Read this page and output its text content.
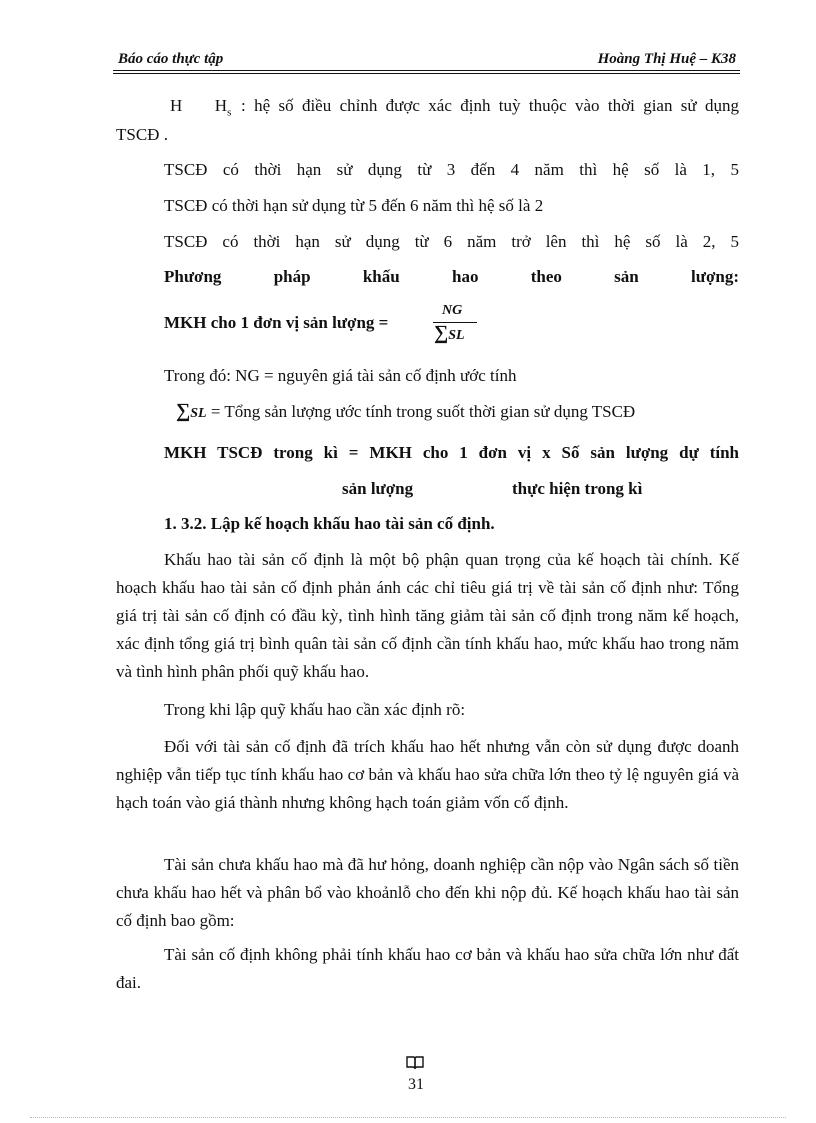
Báo cáo thực tập	Hoàng Thị Huệ – K38
H $H_s$ : hệ số điều chỉnh được xác định tuỳ thuộc vào thời gian sử dụng
TSCĐ .
TSCĐ có thời hạn sử dụng từ 3 đến 4 năm thì hệ số là 1, 5
TSCĐ có thời hạn sử dụng từ 5 đến 6 năm thì hệ số là 2
TSCĐ có thời hạn sử dụng từ 6 năm trở lên thì hệ số là 2, 5
Phương pháp khấu hao theo sản lượng:
MKH cho 1 đơn vị sản lượng =
NG
∑SL
Trong đó: NG = nguyên giá tài sản cố định ước tính
∑SL = Tổng sản lượng ước tính trong suốt thời gian sử dụng TSCĐ
MKH TSCĐ trong kì = MKH cho 1 đơn vị x Số sản lượng dự tính
sản lượng	thực hiện trong kì
1. 3.2. Lập kế hoạch khấu hao tài sản cố định.
Khấu hao tài sản cố định là một bộ phận quan trọng của kế hoạch tài chính. Kế hoạch khấu hao tài sản cố định phản ánh các chỉ tiêu giá trị về tài sản cố định như: Tổng giá trị tài sản cố định có đầu kỳ, tình hình tăng giảm tài sản cố định trong năm kế hoạch, xác định tổng giá trị bình quân tài sản cố định cần tính khấu hao, mức khấu hao trong năm và tình hình phân phối quỹ khấu hao.
Trong khi lập quỹ khấu hao cần xác định rõ:
Đối với tài sản cố định đã trích khấu hao hết nhưng vẫn còn sử dụng được doanh nghiệp vẫn tiếp tục tính khấu hao cơ bản và khấu hao sửa chữa lớn theo tỷ lệ nguyên giá và hạch toán vào giá thành nhưng không hạch toán giảm vốn cố định.
Tài sản chưa khấu hao mà đã hư hỏng, doanh nghiệp cần nộp vào Ngân sách số tiền chưa khấu hao hết và phân bổ vào khoảnlỗ cho đến khi nộp đủ. Kế hoạch khấu hao tài sản cố định bao gồm:
Tài sản cố định không phải tính khấu hao cơ bản và khấu hao sửa chữa lớn như đất đai.
31
